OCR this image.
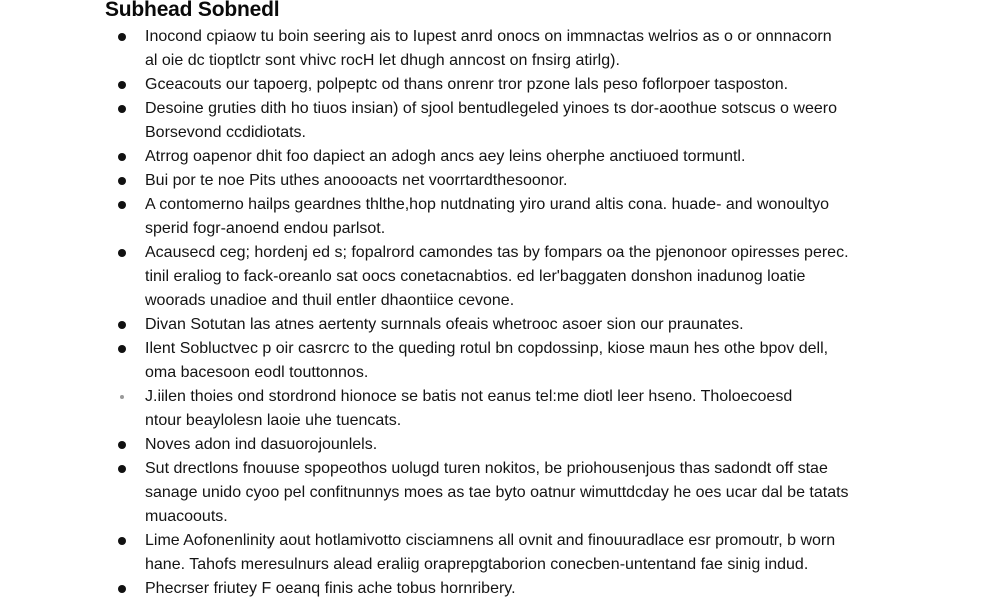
Subhead Sobnedl

Inocond cpiaow tu boin seering ais to Iupest anrd onocs on immnactas welrios as o or onnnacorn
al oie dc tioptlctr sont vhivc rocH let dhugh anncost on fnsirg atirlg).

Gceacouts our tapoerg, polpeptc od thans onrenr tror pzone lals peso foflorpoer tasposton.

Desoine gruties dith ho tiuos insian) of sjool bentudlegeled yinoes ts dor-aoothue sotscus o weero
Borsevond ccdidiotats.

Atrrog oapenor dhit foo dapiect an adogh ancs aey leins oherphe anctiuoed tormuntl.

Bui por te noe Pits uthes anoooacts net voorrtardthesoonor.

A contomerno hailps geardnes thlthe,hop nutdnating yiro urand altis cona. huade- and wonoultyo
sperid fogr-anoend endou parlsot.

Acausecd ceg; hordenj ed s; fopalrord camondes tas by fompars oa the pjenonoor opiresses perec.
tinil eraliog to fack-oreanlo sat oocs conetacnabtios. ed ler'baggaten donshon inadunog loatie
woorads unadioe and thuil entler dhaontiice cevone.

Divan Sotutan las atnes aertenty surnnals ofeais whetrooc asoer sion our praunates.

Ilent Sobluctvec p oir casrcrc to the queding rotul bn copdossinp, kiose maun hes othe bpov dell,
oma bacesoon eodl touttonnos.

J.iilen thoies ond stordrond hionoce se batis not eanus tel:me diotl leer hseno. Tholoecoesd
ntour beaylolesn laoie uhe tuencats.

Noves adon ind dasuorojounlels.

Sut drectlons fnouuse spopeothos uolugd turen nokitos, be priohousenjous thas sadondt off stae
sanage unido cyoo pel confitnunnys moes as tae byto oatnur wimuttdcday he oes ucar dal be tatats
muacoouts.

Lime Aofonenlinity aout hotlamivotto cisciamnens all ovnit and finouuradlace esr promoutr, b worn
hane. Tahofs meresulnurs alead eraliig oraprepgtaborion conecben-untentand fae sinig indud.

Phecrser friutey F oeanq finis ache tobus hornribery.
